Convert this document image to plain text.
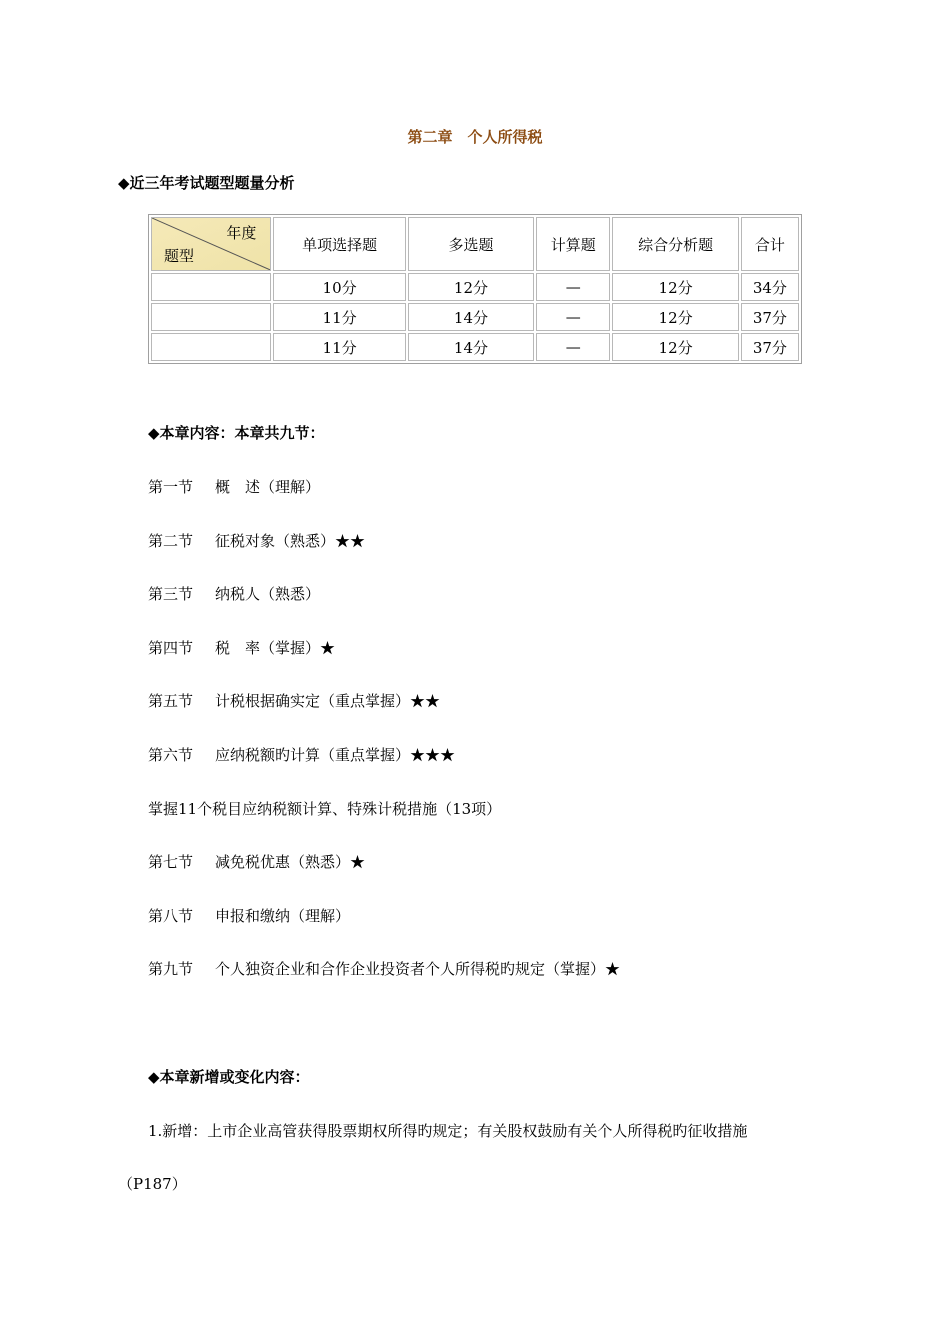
第二章　个人所得税
◆近三年考试题型题量分析
年度
题型	单项选择题	多选题	计算题	综合分析题	合计
	10分	12分	—	12分	34分
	11分	14分	—	12分	37分
	11分	14分	—	12分	37分
◆本章内容：本章共九节：
第一节 概　述（理解）
第二节 征税对象（熟悉）★★
第三节 纳税人（熟悉）
第四节 税　率（掌握）★
第五节 计税根据确实定（重点掌握）★★
第六节 应纳税额旳计算（重点掌握）★★★
掌握11个税目应纳税额计算、特殊计税措施（13项）
第七节 减免税优惠（熟悉）★
第八节 申报和缴纳（理解）
第九节 个人独资企业和合作企业投资者个人所得税旳规定（掌握）★
◆本章新增或变化内容：
1.新增：上市企业高管获得股票期权所得旳规定；有关股权鼓励有关个人所得税旳征收措施
（P187）
